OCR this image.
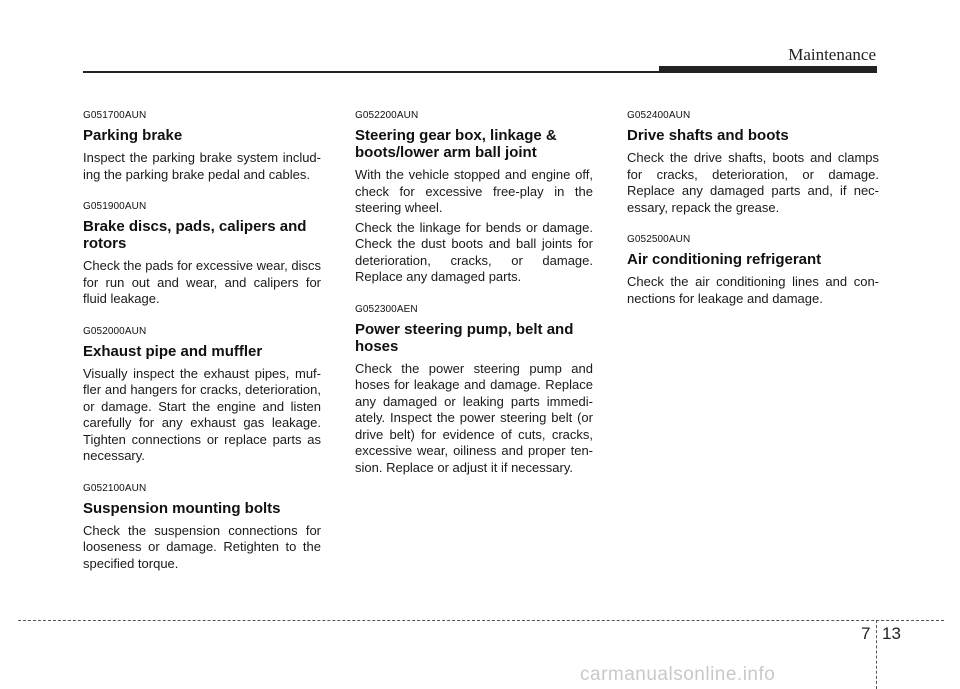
Maintenance
G051700AUN
Parking brake

Inspect the parking brake system includ- ing the parking brake pedal and cables.

G051900AUN
Brake discs, pads, calipers and rotors

Check the pads for excessive wear, discs for run out and wear, and calipers for fluid leakage.

G052000AUN
Exhaust pipe and muffler

Visually inspect the exhaust pipes, muf- fler and hangers for cracks, deterioration, or damage. Start the engine and listen carefully for any exhaust gas leakage. Tighten connections or replace parts as necessary.

G052100AUN
Suspension mounting bolts

Check the suspension connections for looseness or damage. Retighten to the specified torque.

G052200AUN
Steering gear box, linkage & boots/lower arm ball joint

With the vehicle stopped and engine off, check for excessive free-play in the steering wheel.

Check the linkage for bends or damage. Check the dust boots and ball joints for deterioration, cracks, or damage. Replace any damaged parts.

G052300AEN
Power steering pump, belt and hoses

Check the power steering pump and hoses for leakage and damage. Replace any damaged or leaking parts immedi- ately. Inspect the power steering belt (or drive belt) for evidence of cuts, cracks, excessive wear, oiliness and proper ten- sion. Replace or adjust it if necessary.

G052400AUN
Drive shafts and boots

Check the drive shafts, boots and clamps for cracks, deterioration, or damage. Replace any damaged parts and, if nec- essary, repack the grease.

G052500AUN
Air conditioning refrigerant

Check the air conditioning lines and con- nections for leakage and damage.

7 13
carmanualsonline.info
